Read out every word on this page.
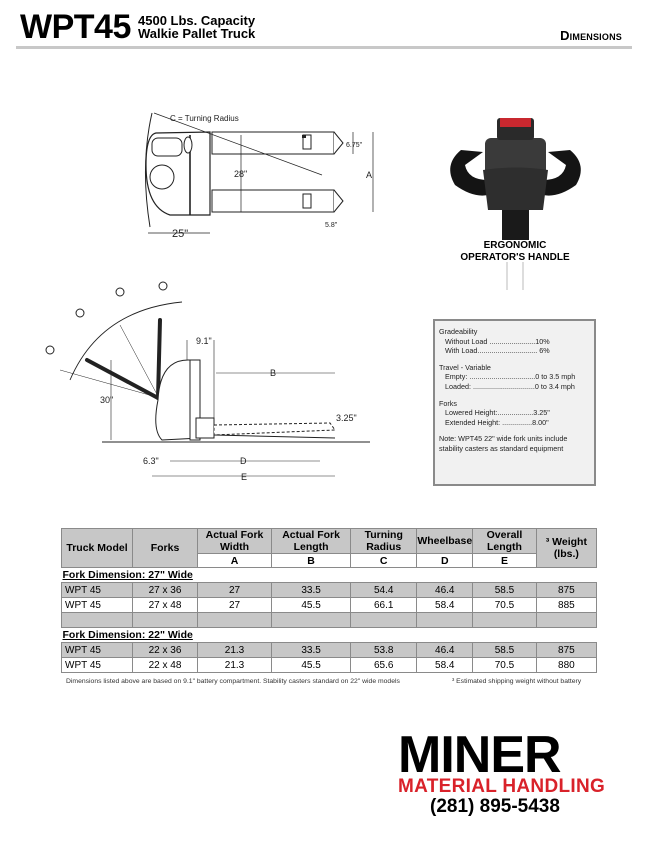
WPT45 4500 Lbs. Capacity
Walkie Pallet Truck	Dimensions
C = Turning Radius
28"
6.75"
A
5.8"
25"
ERGONOMIC
OPERATOR'S HANDLE
9.1"
B
30"
3.25"
6.3"	D
E
Gradeability
Without Load .......................10%
With Load.............................. 6%
Travel - Variable
Empty: .................................0 to 3.5 mph
Loaded: ...............................0 to 3.4 mph
Forks
Lowered Height:..................3.25"
Extended Height: ...............8.00"
Note: WPT45 22" wide fork units include stability casters as standard equipment
Truck Model	Forks	Actual Fork Width	Actual Fork Length	Turning Radius	Wheelbase	Overall Length	³ Weight (lbs.)
		A	B	C	D	E	
Fork Dimension: 27" Wide							
WPT 45	27 x 36	27	33.5	54.4	46.4	58.5	875
WPT 45	27 x 48	27	45.5	66.1	58.4	70.5	885

Fork Dimension: 22" Wide							
WPT 45	22 x 36	21.3	33.5	53.8	46.4	58.5	875
WPT 45	22 x 48	21.3	45.5	65.6	58.4	70.5	880
Dimensions listed above are based on 9.1" battery compartment. Stability casters standard on 22" wide models	³ Estimated shipping weight without battery
MINER
MATERIAL HANDLING
(281) 895-5438
